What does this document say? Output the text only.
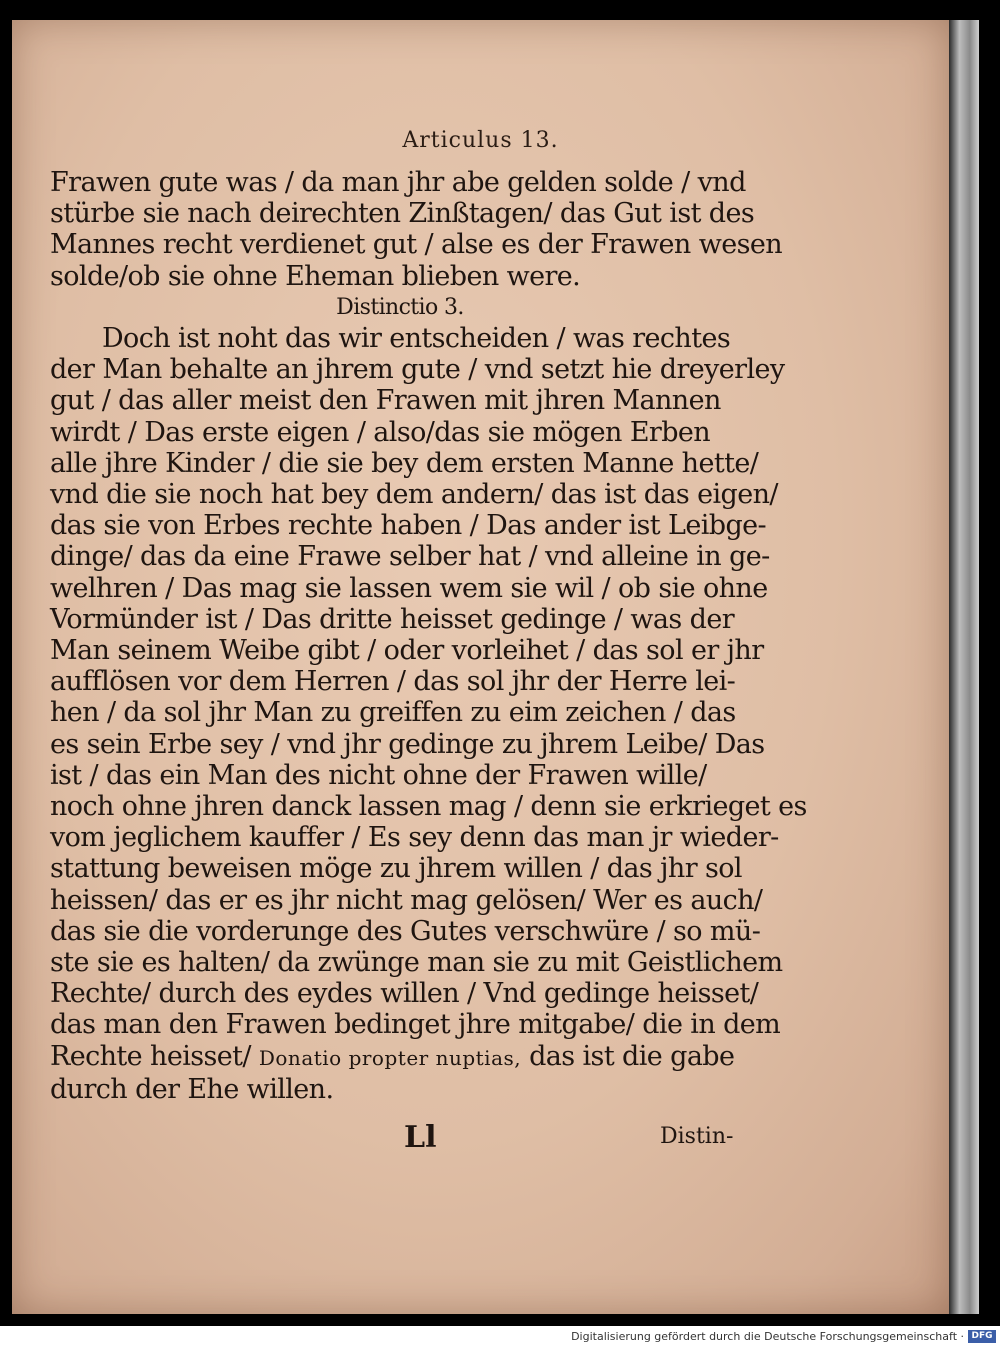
Articulus 13.
Frawen gute was / da man jhr abe gelden solde / vnd
stürbe sie nach deirechten Zinßtagen/ das Gut ist des
Mannes recht verdienet gut / alse es der Frawen wesen
solde/ob sie ohne Eheman blieben were.
Distinctio 3.
Doch ist noht das wir entscheiden / was rechtes
der Man behalte an jhrem gute / vnd setzt hie dreyerley
gut / das aller meist den Frawen mit jhren Mannen
wirdt / Das erste eigen / also/das sie mögen Erben
alle jhre Kinder / die sie bey dem ersten Manne hette/
vnd die sie noch hat bey dem andern/ das ist das eigen/
das sie von Erbes rechte haben / Das ander ist Leibge-
dinge/ das da eine Frawe selber hat / vnd alleine in ge-
welhren / Das mag sie lassen wem sie wil / ob sie ohne
Vormünder ist / Das dritte heisset gedinge / was der
Man seinem Weibe gibt / oder vorleihet / das sol er jhr
aufflösen vor dem Herren / das sol jhr der Herre lei-
hen / da sol jhr Man zu greiffen zu eim zeichen / das
es sein Erbe sey / vnd jhr gedinge zu jhrem Leibe/ Das
ist / das ein Man des nicht ohne der Frawen wille/
noch ohne jhren danck lassen mag / denn sie erkrieget es
vom jeglichem kauffer / Es sey denn das man jr wieder-
stattung beweisen möge zu jhrem willen / das jhr sol
heissen/ das er es jhr nicht mag gelösen/ Wer es auch/
das sie die vorderunge des Gutes verschwüre / so mü-
ste sie es halten/ da zwünge man sie zu mit Geistlichem
Rechte/ durch des eydes willen / Vnd gedinge heisset/
das man den Frawen bedinget jhre mitgabe/ die in dem
Rechte heisset/ Donatio propter nuptias, das ist die gabe
durch der Ehe willen.
Ll	Distin-
Digitalisierung gefördert durch die Deutsche Forschungsgemeinschaft · DFG
